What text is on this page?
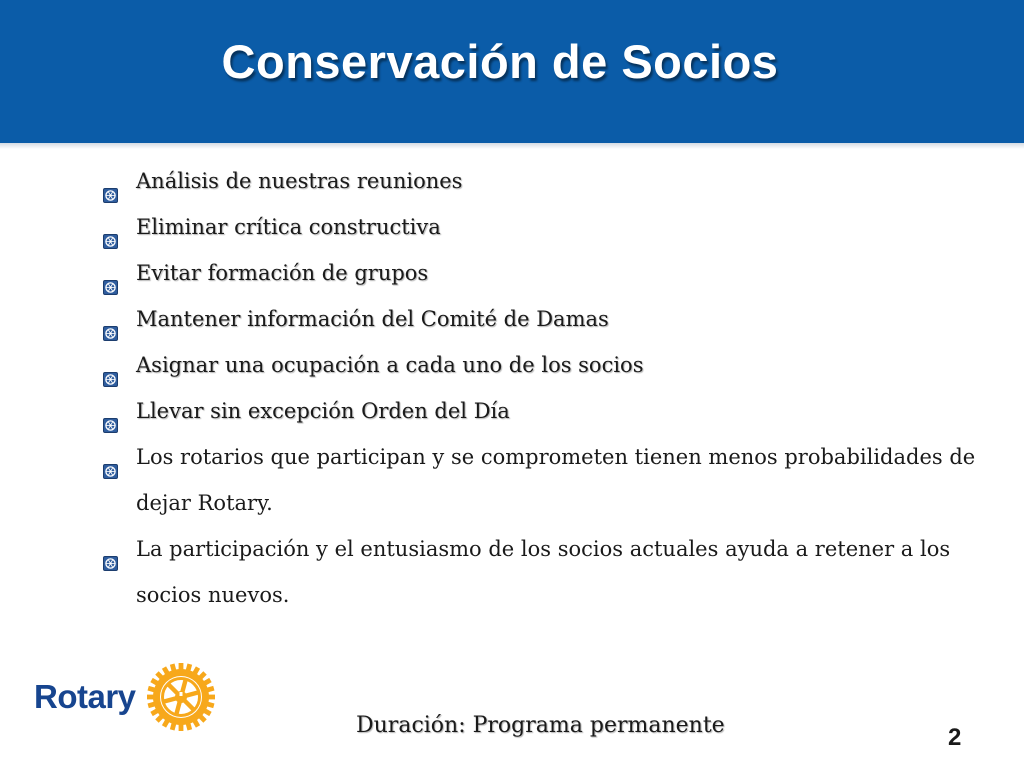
Conservación de Socios
Análisis de nuestras reuniones
Eliminar crítica constructiva
Evitar formación de grupos
Mantener información del Comité de Damas
Asignar una ocupación a cada uno de los socios
Llevar sin excepción Orden del Día
Los rotarios que participan y se comprometen tienen menos probabilidades de dejar Rotary.
La participación y el entusiasmo de los socios actuales ayuda a retener a los socios nuevos.
Rotary
Duración: Programa permanente	2
